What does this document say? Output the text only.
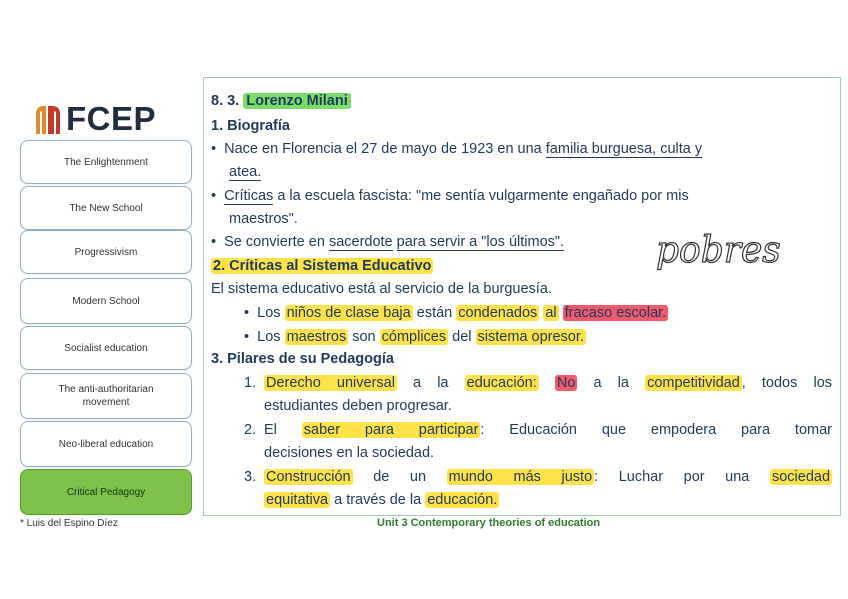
FCEP
The Enlightenment
The New School
Progressivism
Modern School
Socialist education
The anti-authoritarian movement
Neo-liberal education
Critical Pedagogy
* Luis del Espino Díez
8. 3. Lorenzo Milani
1. Biografía
•  Nace en Florencia el 27 de mayo de 1923 en una familia burguesa, culta y
atea.
•  Críticas a la escuela fascista: "me sentía vulgarmente engañado por mis
maestros".
•  Se convierte en sacerdote para servir a "los últimos".
2. Críticas al Sistema Educativo
El sistema educativo está al servicio de la burguesía.
•  Los niños de clase baja están condenados al fracaso escolar.
•  Los maestros son cómplices del sistema opresor.
3. Pilares de su Pedagogía
1. Derecho universal a la educación: No a la competitividad , todos los
estudiantes deben progresar.
2. El saber para participar : Educación que empodera para tomar
decisiones en la sociedad.
3. Construcción de un mundo más justo : Luchar por una sociedad
equitativa a través de la educación.
pobres
Unit 3 Contemporary theories of education
